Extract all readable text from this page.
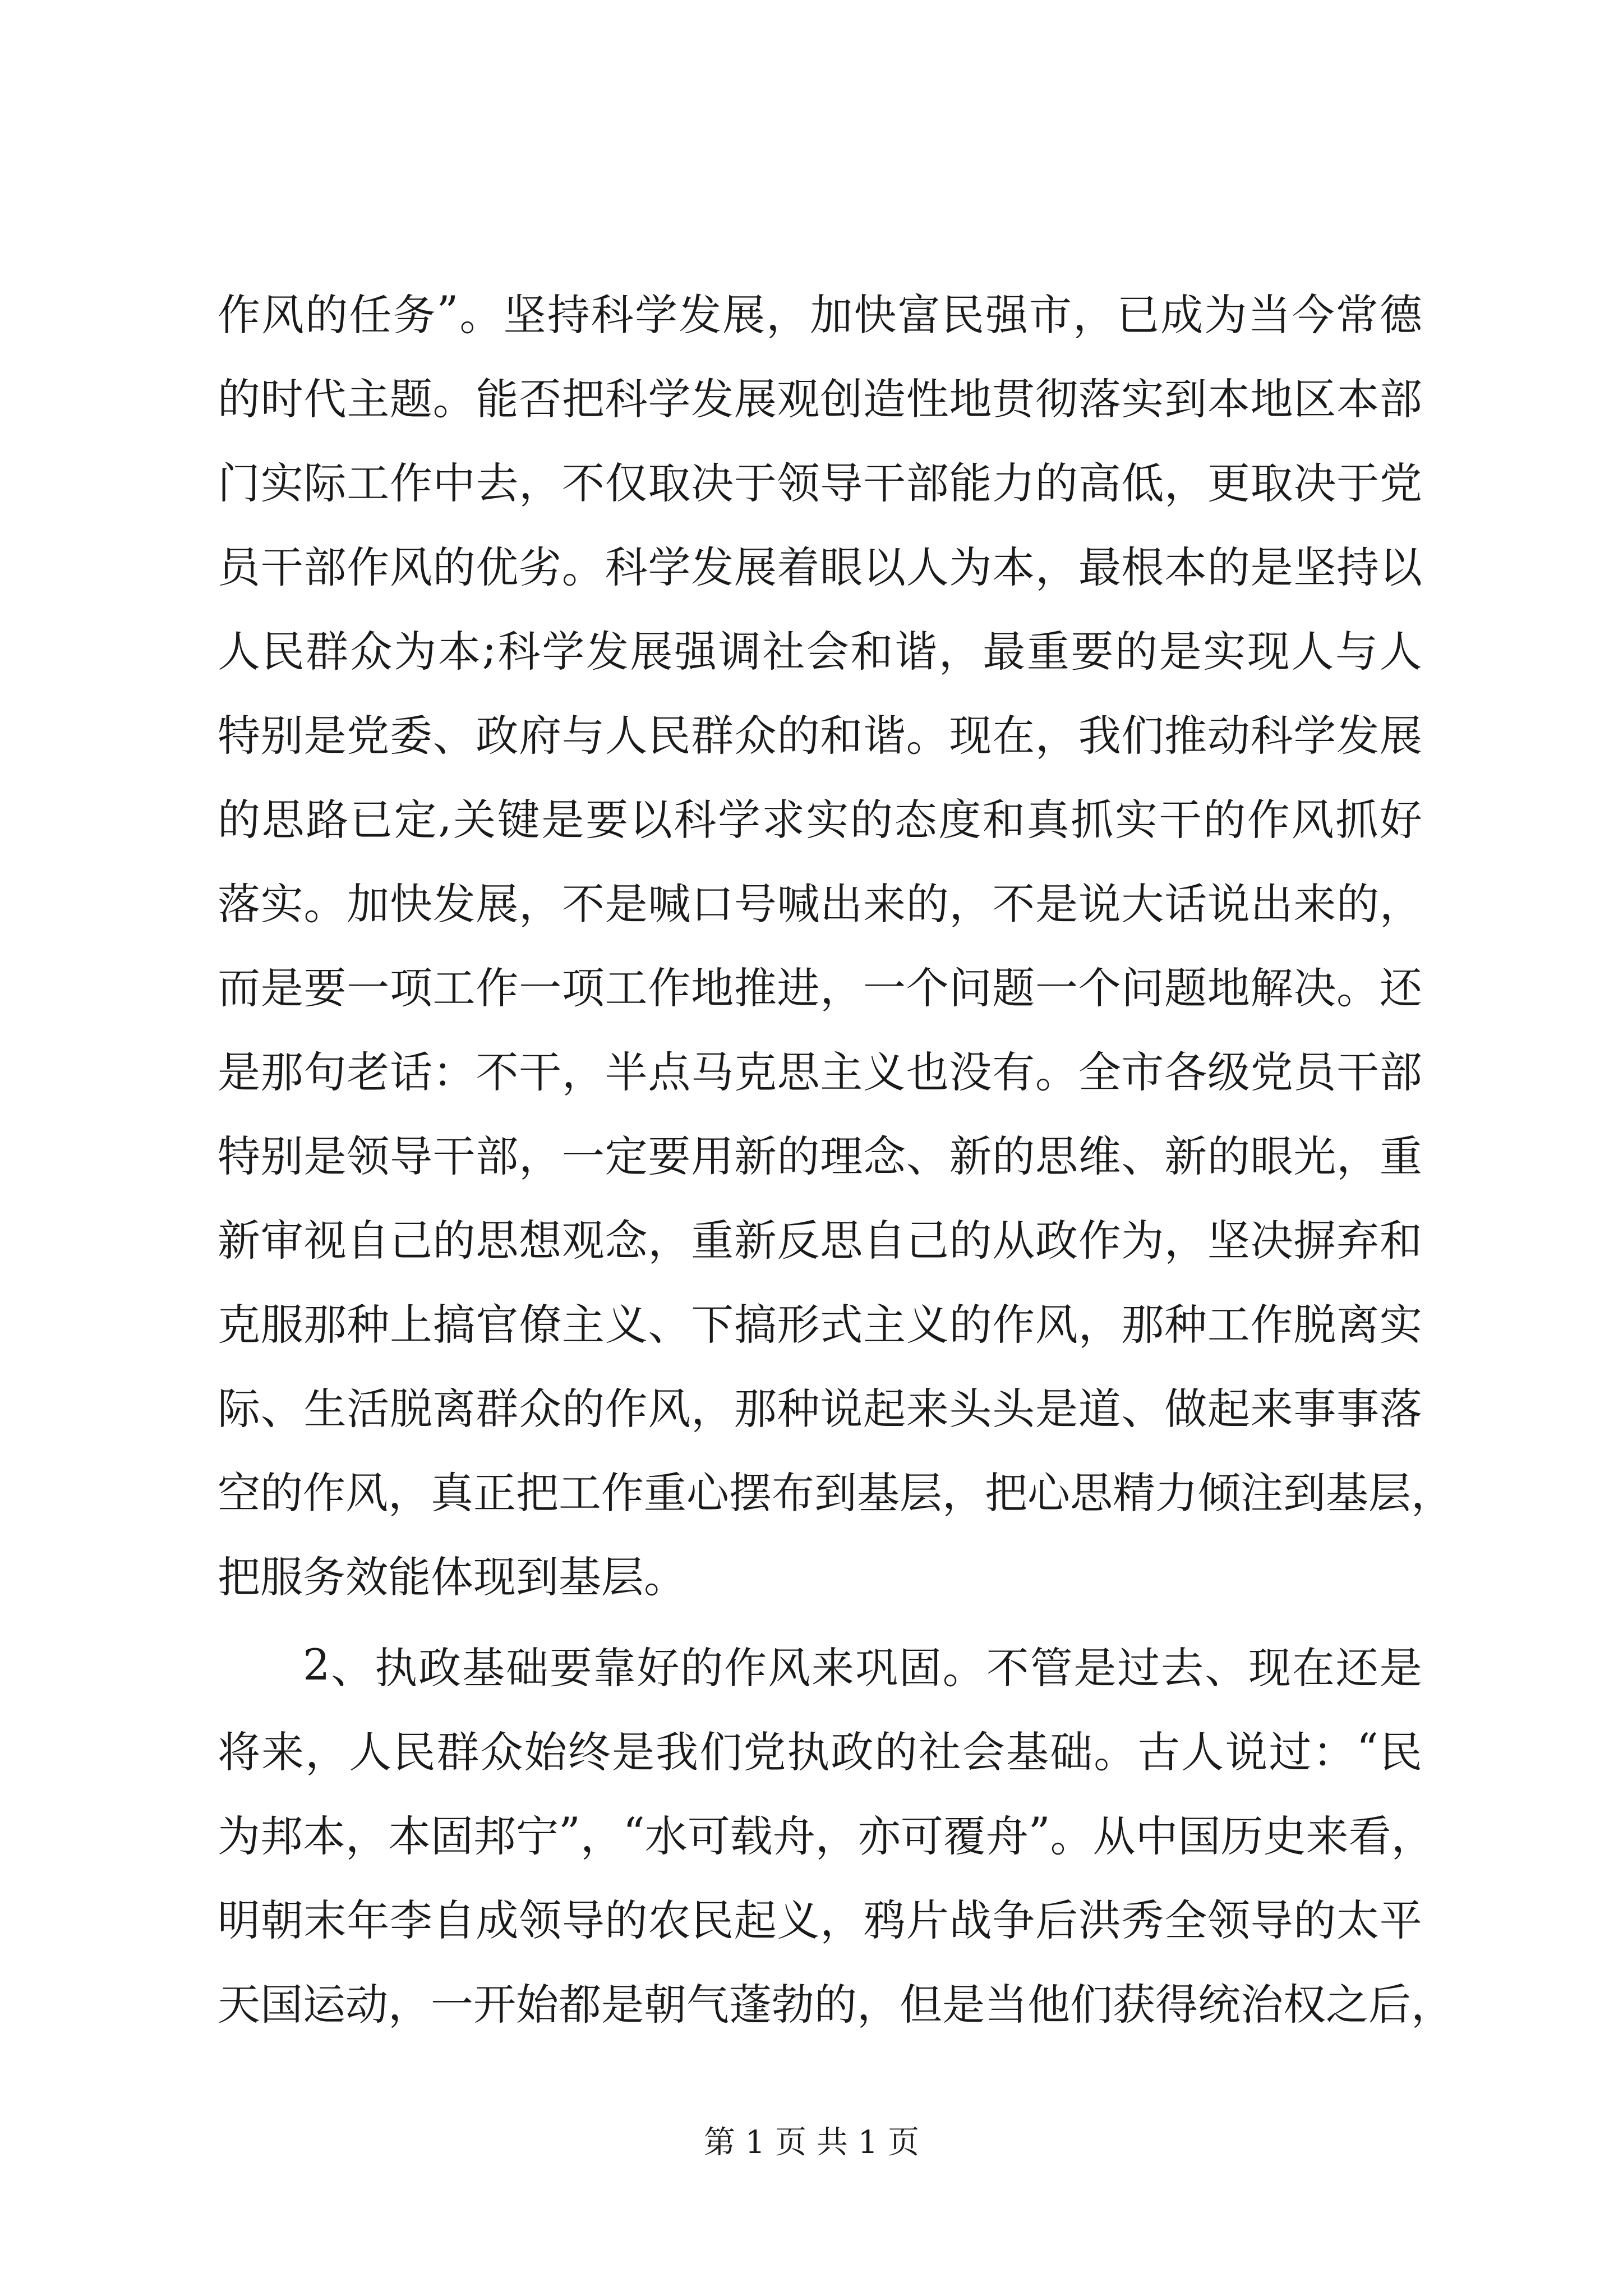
作 风 的 任 务 ” 。 坚 持 科 学 发 展 ， 加 快 富 民 强 市 ， 已 成 为 当 今 常 德
的 时 代 主 题 。 能 否 把 科 学 发 展 观 创 造 性 地 贯 彻 落 实 到 本 地 区 本 部
门 实 际 工 作 中 去 ， 不 仅 取 决 于 领 导 干 部 能 力 的 高 低 ， 更 取 决 于 党
员 干 部 作 风 的 优 劣 。 科 学 发 展 着 眼 以 人 为 本 ， 最 根 本 的 是 坚 持 以
人 民 群 众 为 本 ; 科 学 发 展 强 调 社 会 和 谐 ， 最 重 要 的 是 实 现 人 与 人
特 别 是 党 委 、 政 府 与 人 民 群 众 的 和 谐 。 现 在 ， 我 们 推 动 科 学 发 展
的 思 路 已 定 , 关 键 是 要 以 科 学 求 实 的 态 度 和 真 抓 实 干 的 作 风 抓 好
落 实 。 加 快 发 展 ， 不 是 喊 口 号 喊 出 来 的 ， 不 是 说 大 话 说 出 来 的 ，
而 是 要 一 项 工 作 一 项 工 作 地 推 进 ， 一 个 问 题 一 个 问 题 地 解 决 。 还
是 那 句 老 话 ： 不 干 ， 半 点 马 克 思 主 义 也 没 有 。 全 市 各 级 党 员 干 部
特 别 是 领 导 干 部 ， 一 定 要 用 新 的 理 念 、 新 的 思 维 、 新 的 眼 光 ， 重
新 审 视 自 己 的 思 想 观 念 ， 重 新 反 思 自 己 的 从 政 作 为 ， 坚 决 摒 弃 和
克 服 那 种 上 搞 官 僚 主 义 、 下 搞 形 式 主 义 的 作 风 ， 那 种 工 作 脱 离 实
际 、 生 活 脱 离 群 众 的 作 风 ， 那 种 说 起 来 头 头 是 道 、 做 起 来 事 事 落
空 的 作 风 ， 真 正 把 工 作 重 心 摆 布 到 基 层 ， 把 心 思 精 力 倾 注 到 基 层 ，
把服务效能体现到基层。
2 、 执 政 基 础 要 靠 好 的 作 风 来 巩 固 。 不 管 是 过 去 、 现 在 还 是
将 来 ， 人 民 群 众 始 终 是 我 们 党 执 政 的 社 会 基 础 。 古 人 说 过 ： “ 民
为 邦 本 ， 本 固 邦 宁 ” ， “ 水 可 载 舟 ， 亦 可 覆 舟 ” 。 从 中 国 历 史 来 看 ，
明 朝 末 年 李 自 成 领 导 的 农 民 起 义 ， 鸦 片 战 争 后 洪 秀 全 领 导 的 太 平
天 国 运 动 ， 一 开 始 都 是 朝 气 蓬 勃 的 ， 但 是 当 他 们 获 得 统 治 权 之 后 ，
第 1 页 共 1 页
